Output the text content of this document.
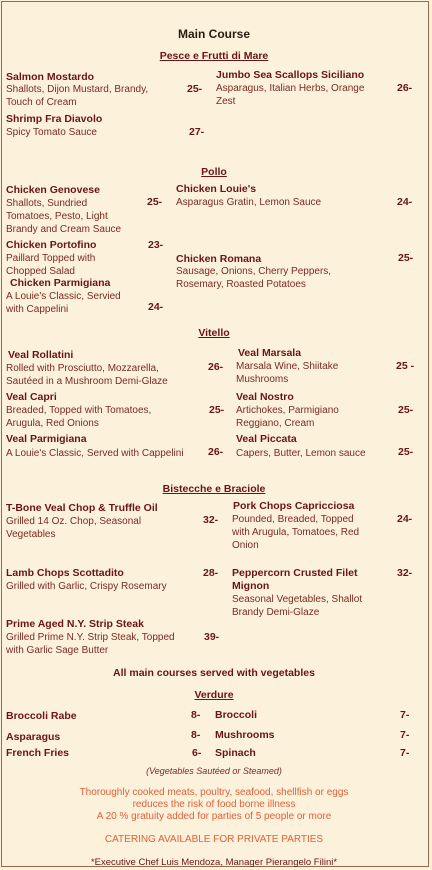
Main Course
Pesce e Frutti di Mare
Salmon Mostardo
Shallots, Dijon Mustard, Brandy,
Touch of Cream
25-
Jumbo Sea Scallops Siciliano
Asparagus, Italian Herbs, Orange
Zest
26-
Shrimp Fra Diavolo
Spicy Tomato Sauce	27-
Pollo
Chicken Genovese
Shallots, Sundried
Tomatoes, Pesto, Light
Brandy and Cream Sauce
25-
Chicken Louie's
Asparagus Gratin, Lemon Sauce	24-
Chicken Portofino
Paillard Topped with
Chopped Salad
23-
Chicken Romana
Sausage, Onions, Cherry Peppers,
Rosemary, Roasted Potatoes
25-
Chicken Parmigiana
A Louie's Classic, Servied
with Cappelini	24-
Vitello
Veal Rollatini
Rolled with Prosciutto, Mozzarella,
Sautéed in a Mushroom Demi-Glaze
26-
Veal Marsala
Marsala Wine, Shiitake
Mushrooms
25 -
Veal Capri
Breaded, Topped with Tomatoes,
Arugula, Red Onions
25-
Veal Nostro
Artichokes, Parmigiano
Reggiano, Cream
25-
Veal Parmigiana
A Louie's Classic, Served with Cappelini 26-
Veal Piccata
Capers, Butter, Lemon sauce	25-
Bistecche e Braciole
T-Bone Veal Chop & Truffle Oil
Grilled 14 Oz. Chop, Seasonal
Vegetables
32-
Pork Chops Capricciosa
Pounded, Breaded, Topped
with Arugula, Tomatoes, Red
Onion
24-
Lamb Chops Scottadito
Grilled with Garlic, Crispy Rosemary
28- Peppercorn Crusted Filet
Mignon
Seasonal Vegetables, Shallot
Brandy Demi-Glaze
32-
Prime Aged N.Y. Strip Steak
Grilled Prime N.Y. Strip Steak, Topped
with Garlic Sage Butter
39-
All main courses served with vegetables
Verdure
Broccoli Rabe	8- Broccoli	7-
Asparagus	8- Mushrooms	7-
French Fries	6- Spinach	7-
(Vegetables Sautéed or Steamed)
Thoroughly cooked meats, poultry, seafood, shellfish or eggs
reduces the risk of food borne illness
A 20 % gratuity added for parties of 5 people or more
CATERING AVAILABLE FOR PRIVATE PARTIES
*Executive Chef Luis Mendoza, Manager Pierangelo Filini*
